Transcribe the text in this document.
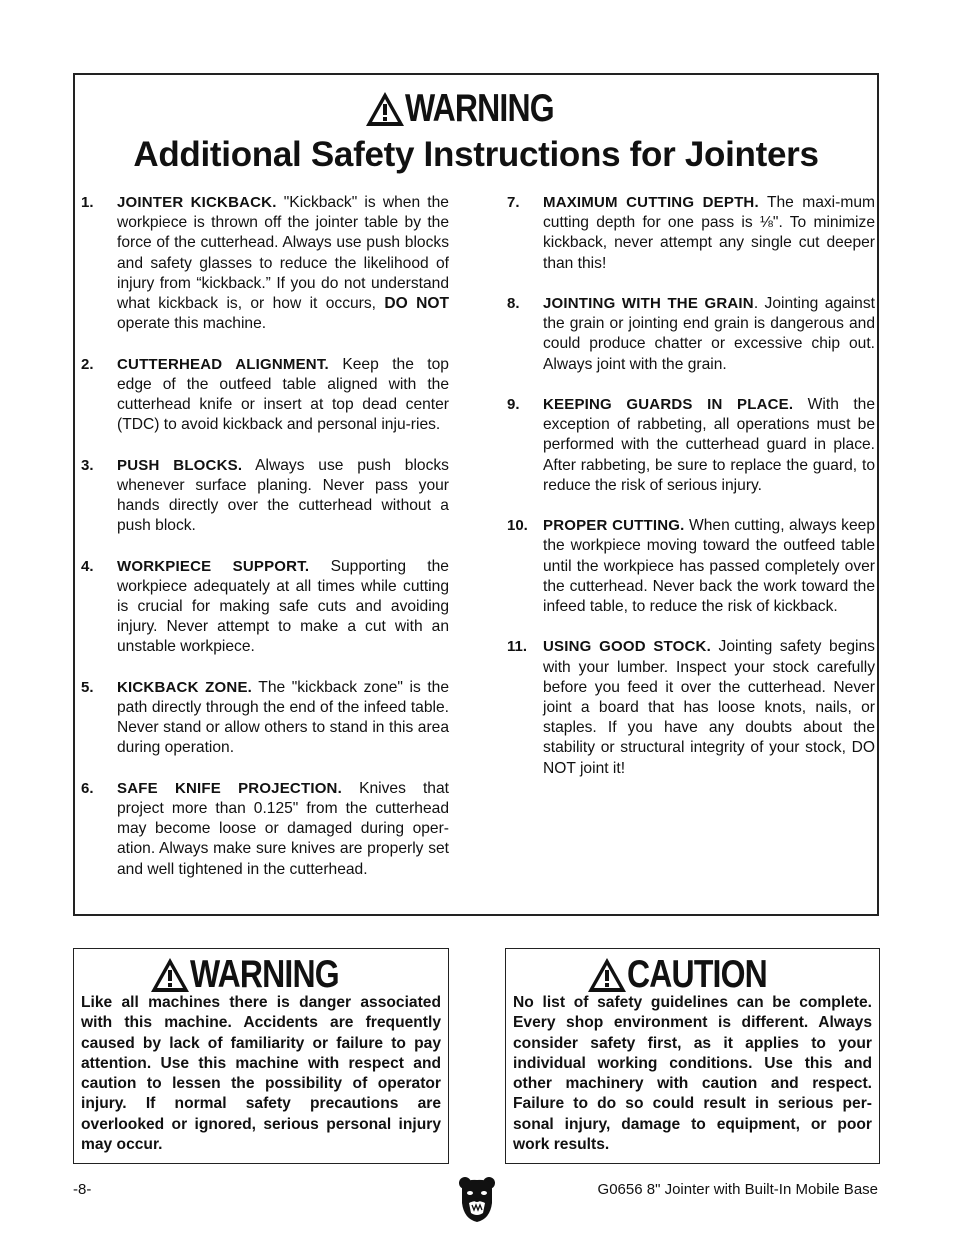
WARNING
Additional Safety Instructions for Jointers
1. JOINTER KICKBACK. "Kickback" is when the workpiece is thrown off the jointer table by the force of the cutterhead. Always use push blocks and safety glasses to reduce the likelihood of injury from “kickback.” If you do not understand what kickback is, or how it occurs, DO NOT operate this machine.
2. CUTTERHEAD ALIGNMENT. Keep the top edge of the outfeed table aligned with the cutterhead knife or insert at top dead center (TDC) to avoid kickback and personal inju-ries.
3. PUSH BLOCKS. Always use push blocks whenever surface planing. Never pass your hands directly over the cutterhead without a push block.
4. WORKPIECE SUPPORT. Supporting the workpiece adequately at all times while cutting is crucial for making safe cuts and avoiding injury. Never attempt to make a cut with an unstable workpiece.
5. KICKBACK ZONE. The "kickback zone" is the path directly through the end of the infeed table. Never stand or allow others to stand in this area during operation.
6. SAFE KNIFE PROJECTION. Knives that project more than 0.125" from the cutterhead may become loose or damaged during oper-ation. Always make sure knives are properly set and well tightened in the cutterhead.
7. MAXIMUM CUTTING DEPTH. The maxi-mum cutting depth for one pass is ⅛". To minimize kickback, never attempt any single cut deeper than this!
8. JOINTING WITH THE GRAIN. Jointing against the grain or jointing end grain is dangerous and could produce chatter or excessive chip out. Always joint with the grain.
9. KEEPING GUARDS IN PLACE. With the exception of rabbeting, all operations must be performed with the cutterhead guard in place. After rabbeting, be sure to replace the guard, to reduce the risk of serious injury.
10. PROPER CUTTING. When cutting, always keep the workpiece moving toward the outfeed table until the workpiece has passed completely over the cutterhead. Never back the work toward the infeed table, to reduce the risk of kickback.
11. USING GOOD STOCK. Jointing safety begins with your lumber. Inspect your stock carefully before you feed it over the cutterhead. Never joint a board that has loose knots, nails, or staples. If you have any doubts about the stability or structural integrity of your stock, DO NOT joint it!
WARNING
Like all machines there is danger associated with this machine. Accidents are frequently caused by lack of familiarity or failure to pay attention. Use this machine with respect and caution to lessen the possibility of operator injury. If normal safety precautions are overlooked or ignored, serious personal injury may occur.
CAUTION
No list of safety guidelines can be complete. Every shop environment is different. Always consider safety first, as it applies to your individual working conditions. Use this and other machinery with caution and respect. Failure to do so could result in serious per-sonal injury, damage to equipment, or poor work results.
-8-	G0656 8" Jointer with Built-In Mobile Base
